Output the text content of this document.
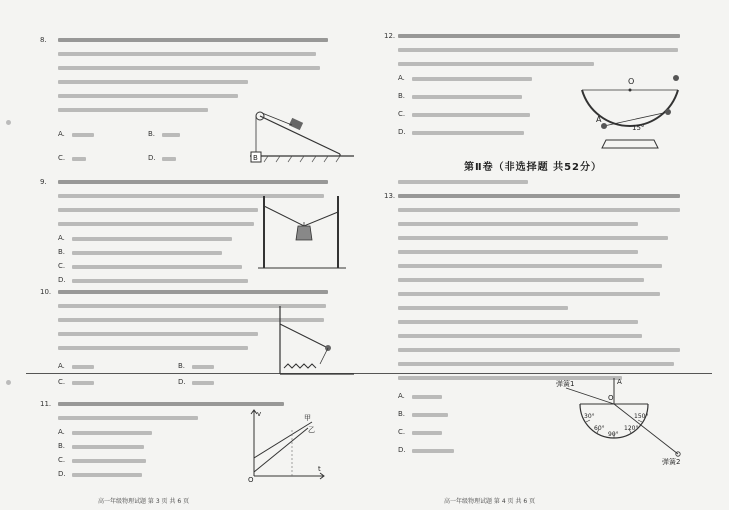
8.
A.	B.
C.	D.	B
9.
A.
B.
C.
D.
10.
A.	B.
C.	D.
11.
A.
B.
C.
D.
v
t
O
甲
乙
高一年级物理试题 第 3 页 共 6 页
12.
A.
B.
C.
D.
O
A
15°
第Ⅱ卷（非选择题 共52分）
13.
A.
B.
C.
D.
弹簧1
弹簧2
O
A
30°
60°
90°
120°
150°
高一年级物理试题 第 4 页 共 6 页
